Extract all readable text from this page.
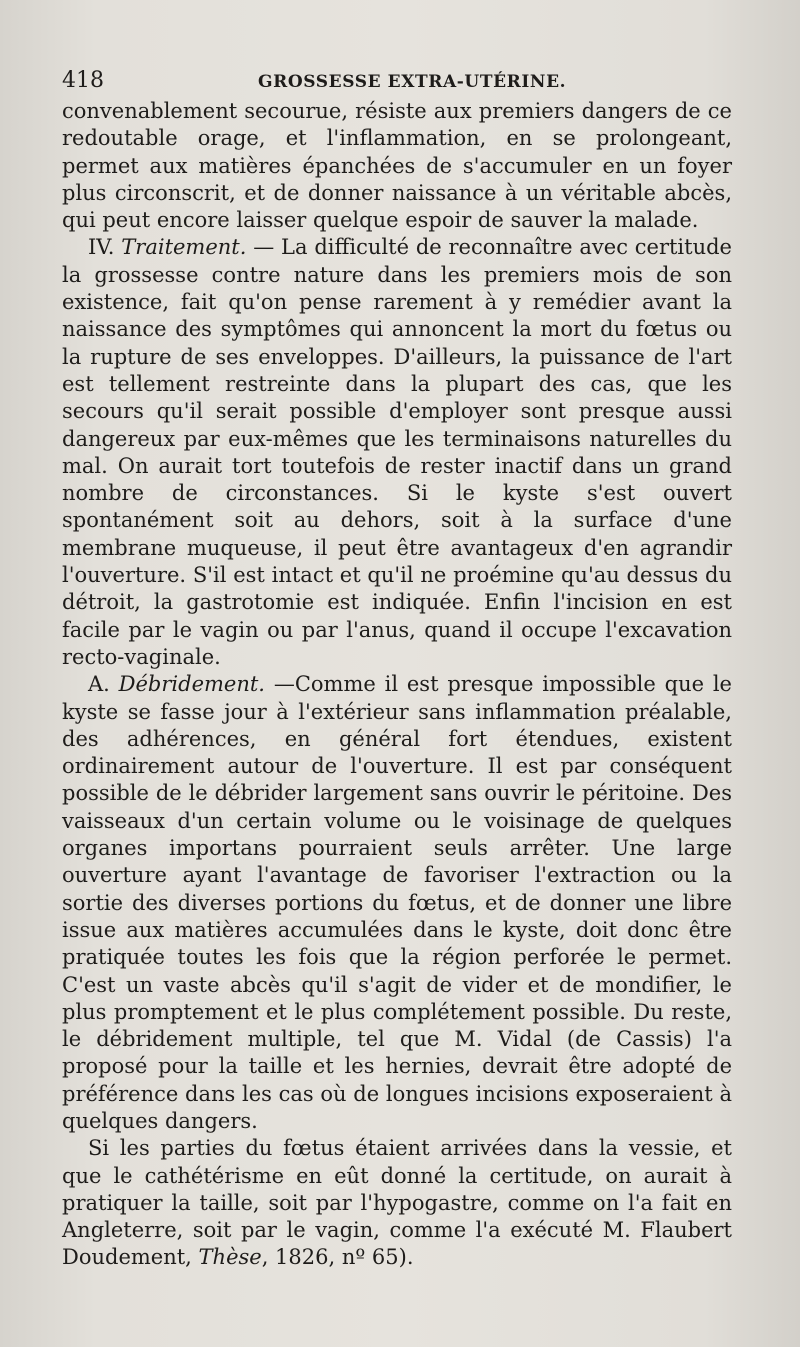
418	GROSSESSE EXTRA-UTÉRINE.

convenablement secourue, résiste aux premiers dangers de ce redoutable orage, et l'inflammation, en se prolongeant, permet aux matières épanchées de s'accumuler en un foyer plus circonscrit, et de donner naissance à un véritable abcès, qui peut encore laisser quelque espoir de sauver la malade.

IV. Traitement. — La difficulté de reconnaître avec certitude la grossesse contre nature dans les premiers mois de son existence, fait qu'on pense rarement à y remédier avant la naissance des symptômes qui annoncent la mort du fœtus ou la rupture de ses enveloppes. D'ailleurs, la puissance de l'art est tellement restreinte dans la plupart des cas, que les secours qu'il serait possible d'employer sont presque aussi dangereux par eux-mêmes que les terminaisons naturelles du mal. On aurait tort toutefois de rester inactif dans un grand nombre de circonstances. Si le kyste s'est ouvert spontanément soit au dehors, soit à la surface d'une membrane muqueuse, il peut être avantageux d'en agrandir l'ouverture. S'il est intact et qu'il ne proémine qu'au dessus du détroit, la gastrotomie est indiquée. Enfin l'incision en est facile par le vagin ou par l'anus, quand il occupe l'excavation recto-vaginale.

A. Débridement. —Comme il est presque impossible que le kyste se fasse jour à l'extérieur sans inflammation préalable, des adhérences, en général fort étendues, existent ordinairement autour de l'ouverture. Il est par conséquent possible de le débrider largement sans ouvrir le péritoine. Des vaisseaux d'un certain volume ou le voisinage de quelques organes importans pourraient seuls arrêter. Une large ouverture ayant l'avantage de favoriser l'extraction ou la sortie des diverses portions du fœtus, et de donner une libre issue aux matières accumulées dans le kyste, doit donc être pratiquée toutes les fois que la région perforée le permet. C'est un vaste abcès qu'il s'agit de vider et de mondifier, le plus promptement et le plus complétement possible. Du reste, le débridement multiple, tel que M. Vidal (de Cassis) l'a proposé pour la taille et les hernies, devrait être adopté de préférence dans les cas où de longues incisions exposeraient à quelques dangers.

Si les parties du fœtus étaient arrivées dans la vessie, et que le cathétérisme en eût donné la certitude, on aurait à pratiquer la taille, soit par l'hypogastre, comme on l'a fait en Angleterre, soit par le vagin, comme l'a exécuté M. Flaubert Doudement, Thèse, 1826, nº 65).
